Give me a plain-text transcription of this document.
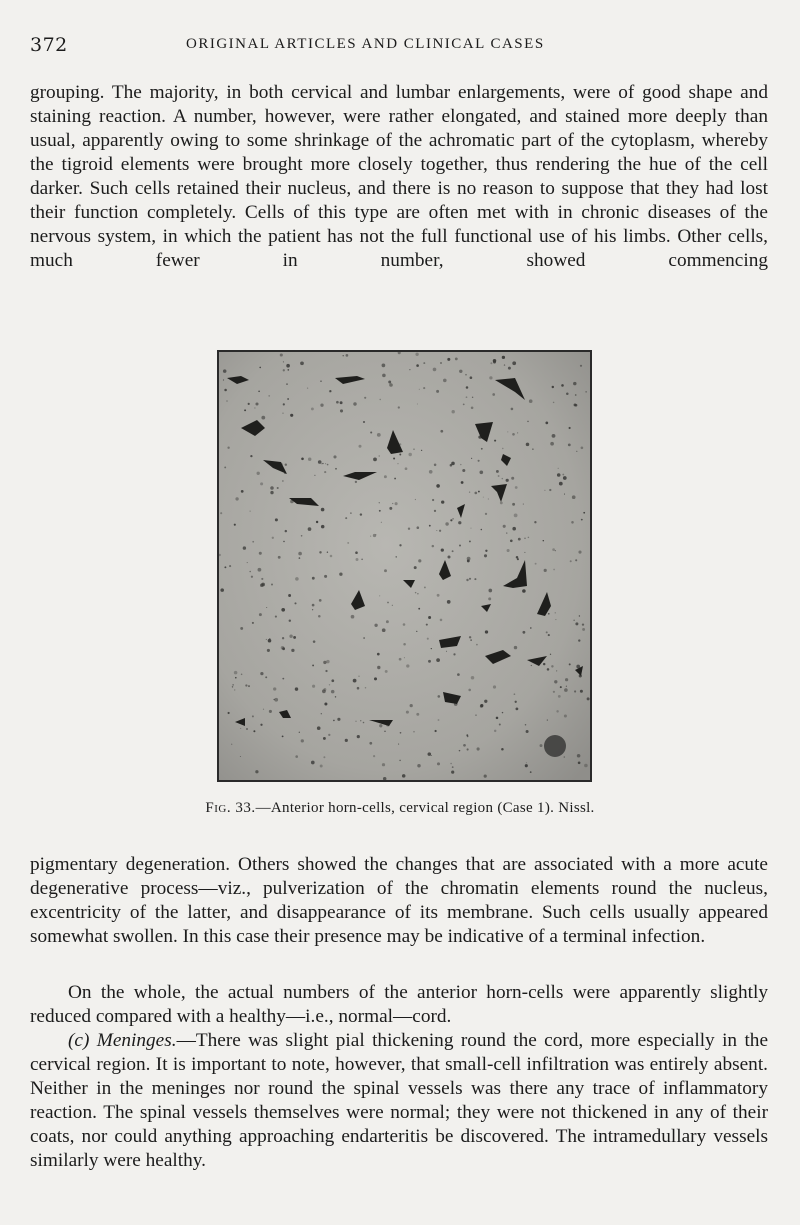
372	ORIGINAL ARTICLES AND CLINICAL CASES

grouping. The majority, in both cervical and lumbar enlargements, were of good shape and staining reaction. A number, however, were rather elongated, and stained more deeply than usual, apparently owing to some shrinkage of the achromatic part of the cytoplasm, whereby the tigroid elements were brought more closely together, thus rendering the hue of the cell darker. Such cells retained their nucleus, and there is no reason to suppose that they had lost their function completely. Cells of this type are often met with in chronic diseases of the nervous system, in which the patient has not the full functional use of his limbs. Other cells, much fewer in number, showed commencing

Fig. 33.—Anterior horn-cells, cervical region (Case 1). Nissl.

pigmentary degeneration. Others showed the changes that are associated with a more acute degenerative process—viz., pulverization of the chromatin elements round the nucleus, excentricity of the latter, and disappearance of its membrane. Such cells usually appeared somewhat swollen. In this case their presence may be indicative of a terminal infection.

On the whole, the actual numbers of the anterior horn-cells were apparently slightly reduced compared with a healthy—i.e., normal—cord.

(c) Meninges.—There was slight pial thickening round the cord, more especially in the cervical region. It is important to note, however, that small-cell infiltration was entirely absent. Neither in the meninges nor round the spinal vessels was there any trace of inflammatory reaction. The spinal vessels themselves were normal; they were not thickened in any of their coats, nor could anything approaching endarteritis be discovered. The intramedullary vessels similarly were healthy.
